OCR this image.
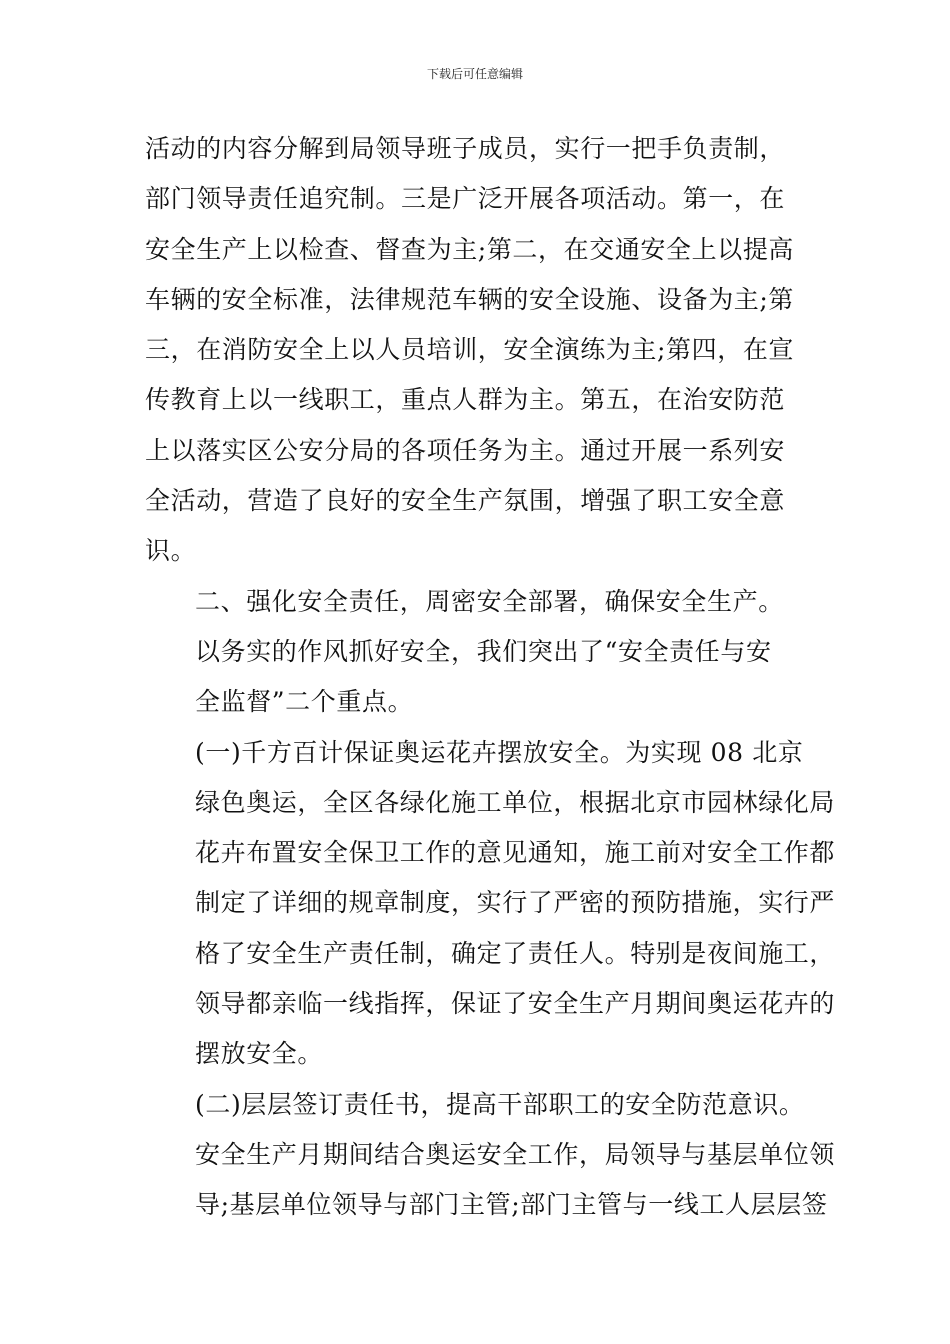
下载后可任意编辑

活动的内容分解到局领导班子成员，实行一把手负责制，
部门领导责任追究制。三是广泛开展各项活动。第一，在
安全生产上以检查、督查为主;第二，在交通安全上以提高
车辆的安全标准，法律规范车辆的安全设施、设备为主;第
三，在消防安全上以人员培训，安全演练为主;第四，在宣
传教育上以一线职工，重点人群为主。第五，在治安防范
上以落实区公安分局的各项任务为主。通过开展一系列安
全活动，营造了良好的安全生产氛围，增强了职工安全意
识。

二、强化安全责任，周密安全部署，确保安全生产。

以务实的作风抓好安全，我们突出了“安全责任与安
全监督”二个重点。

(一)千方百计保证奥运花卉摆放安全。为实现 08 北京
绿色奥运，全区各绿化施工单位，根据北京市园林绿化局
花卉布置安全保卫工作的意见通知，施工前对安全工作都
制定了详细的规章制度，实行了严密的预防措施，实行严
格了安全生产责任制，确定了责任人。特别是夜间施工，
领导都亲临一线指挥，保证了安全生产月期间奥运花卉的
摆放安全。

(二)层层签订责任书，提高干部职工的安全防范意识。
安全生产月期间结合奥运安全工作，局领导与基层单位领
导;基层单位领导与部门主管;部门主管与一线工人层层签
